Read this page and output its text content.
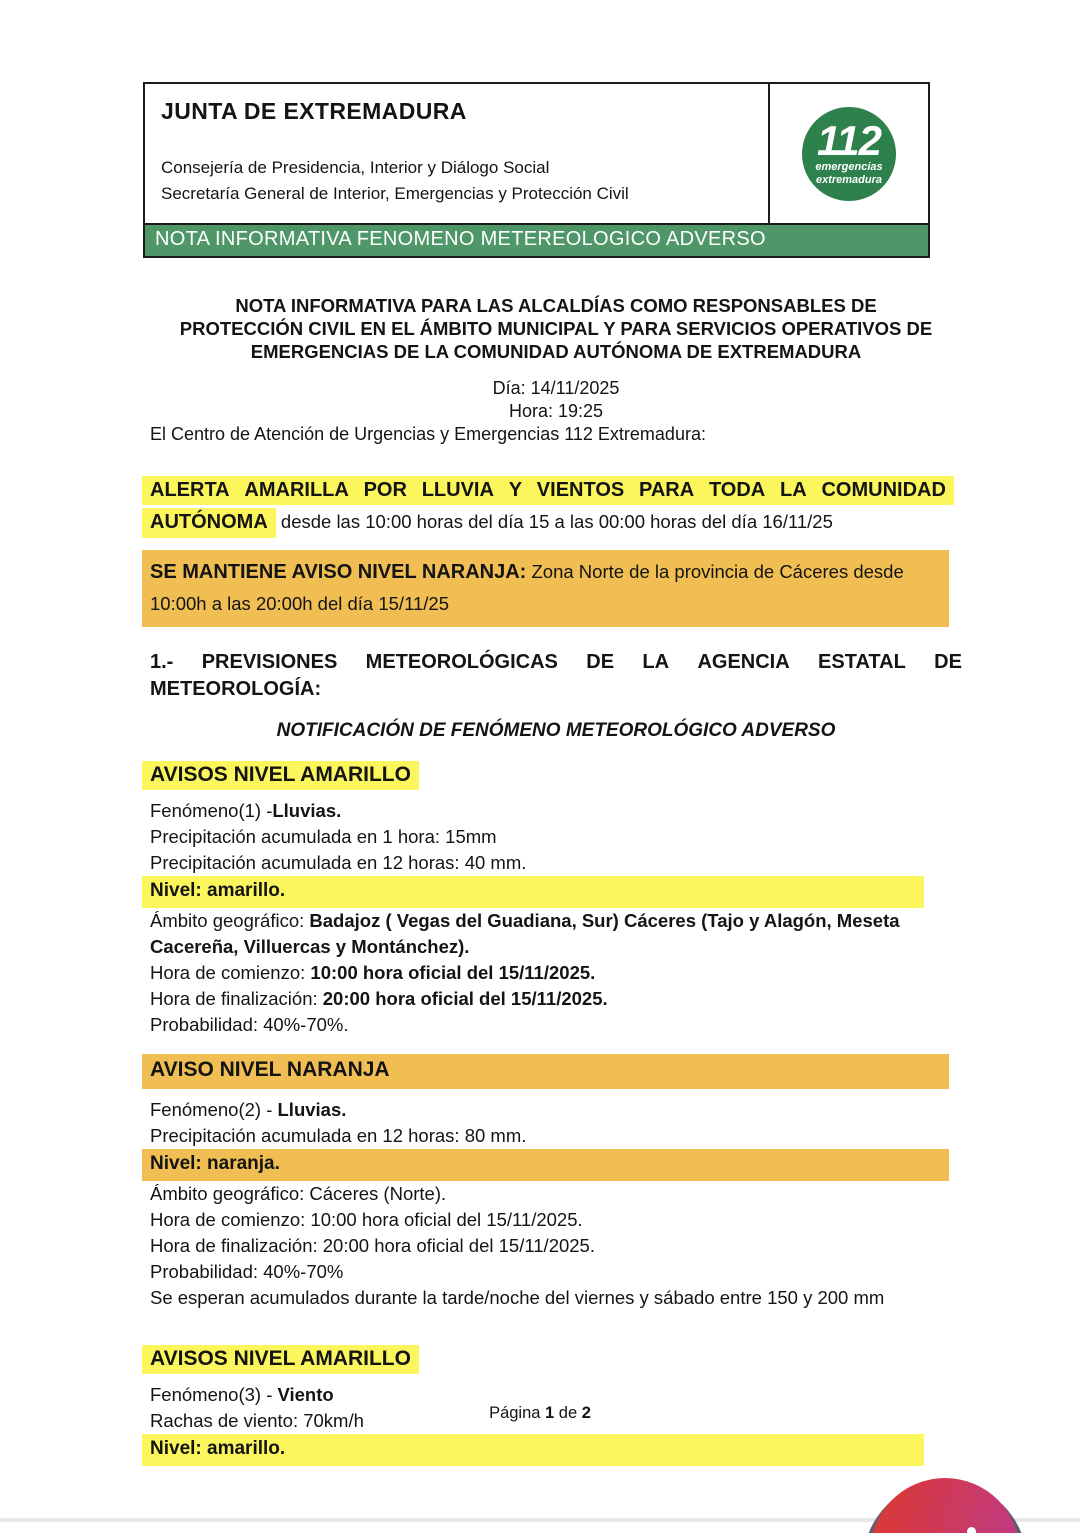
JUNTA DE EXTREMADURA
Consejería de Presidencia, Interior y Diálogo Social
Secretaría General de Interior, Emergencias y Protección Civil
112
emergencias
extremadura
NOTA INFORMATIVA FENOMENO METEREOLOGICO ADVERSO
NOTA INFORMATIVA PARA LAS ALCALDÍAS COMO RESPONSABLES DE
PROTECCIÓN CIVIL EN EL ÁMBITO MUNICIPAL Y PARA SERVICIOS OPERATIVOS DE
EMERGENCIAS DE LA COMUNIDAD AUTÓNOMA DE EXTREMADURA
Día: 14/11/2025
Hora: 19:25
El Centro de Atención de Urgencias y Emergencias 112 Extremadura:
ALERTA AMARILLA POR LLUVIA Y VIENTOS PARA TODA LA COMUNIDAD
AUTÓNOMA desde las 10:00 horas del día 15 a las 00:00 horas del día 16/11/25
SE MANTIENE AVISO NIVEL NARANJA: Zona Norte de la provincia de Cáceres desde 10:00h a las 20:00h del día 15/11/25
1.- PREVISIONES METEOROLÓGICAS DE LA AGENCIA ESTATAL DE
METEOROLOGÍA:
NOTIFICACIÓN DE FENÓMENO METEOROLÓGICO ADVERSO
AVISOS NIVEL AMARILLO
Fenómeno(1) -Lluvias.
Precipitación acumulada en 1 hora: 15mm
Precipitación acumulada en 12 horas: 40 mm.
Nivel: amarillo.
Ámbito geográfico: Badajoz ( Vegas del Guadiana, Sur) Cáceres (Tajo y Alagón, Meseta Cacereña, Villuercas y Montánchez).
Hora de comienzo: 10:00 hora oficial del 15/11/2025.
Hora de finalización: 20:00 hora oficial del 15/11/2025.
Probabilidad: 40%-70%.
AVISO NIVEL NARANJA
Fenómeno(2) - Lluvias.
Precipitación acumulada en 12 horas: 80 mm.
Nivel: naranja.
Ámbito geográfico: Cáceres (Norte).
Hora de comienzo: 10:00 hora oficial del 15/11/2025.
Hora de finalización: 20:00 hora oficial del 15/11/2025.
Probabilidad: 40%-70%
Se esperan acumulados durante la tarde/noche del viernes y sábado entre 150 y 200 mm
AVISOS NIVEL AMARILLO
Fenómeno(3) - Viento
Rachas de viento: 70km/h
Nivel: amarillo.
Página 1 de 2
